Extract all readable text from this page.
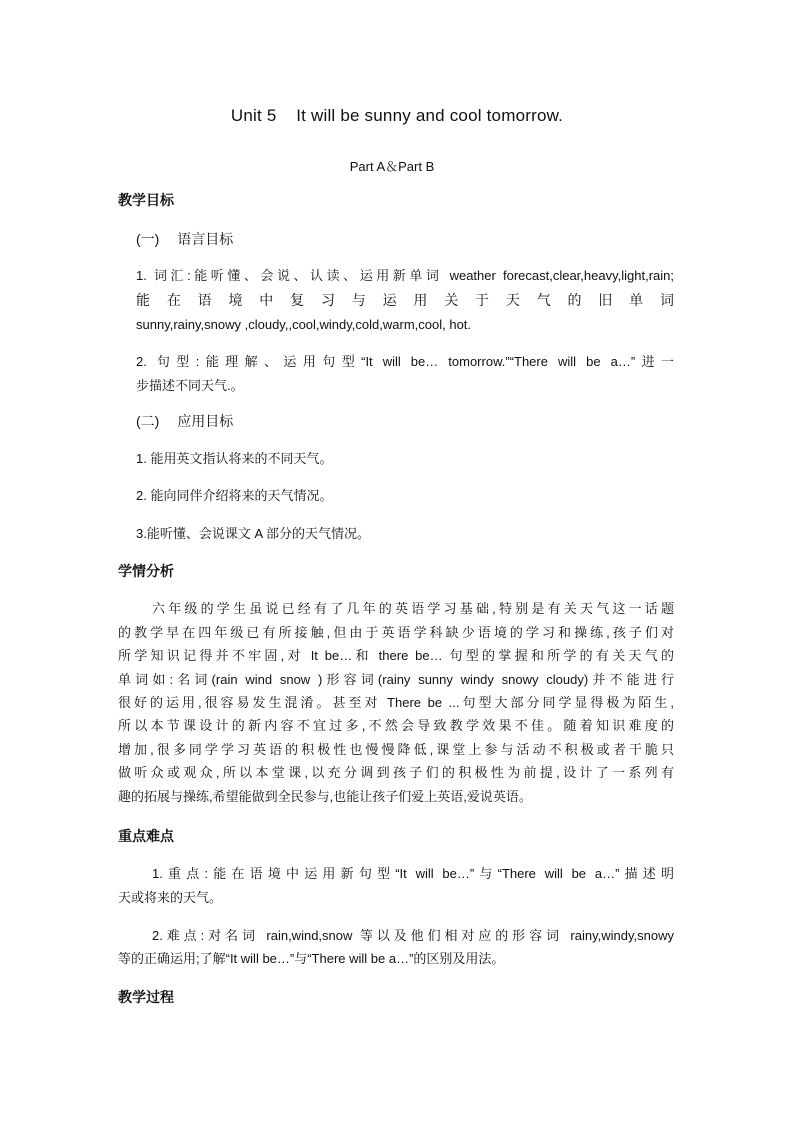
Unit 5    It will be sunny and cool tomorrow.
Part A＆Part B
教学目标
(一)　 语言目标
1. 词汇:能听懂、会说、认读、运用新单词 weather forecast,clear,heavy,light,rain;
能在语境中复习与运用关于天气的旧单词
sunny,rainy,snowy ,cloudy,,cool,windy,cold,warm,cool, hot.
2. 句型:能理解、运用句型“It will be… tomorrow.”“There will be a…”进一
步描述不同天气.。
(二)　 应用目标
1. 能用英文指认将来的不同天气。
2. 能向同伴介绍将来的天气情况。
3.能听懂、会说课文 A 部分的天气情况。
学情分析
六年级的学生虽说已经有了几年的英语学习基础,特别是有关天气这一话题
的教学早在四年级已有所接触,但由于英语学科缺少语境的学习和操练,孩子们对
所学知识记得并不牢固,对 It be…和 there be… 句型的掌握和所学的有关天气的
单词如:名词(rain wind snow )形容词(rainy sunny windy snowy cloudy)并不能进行
很好的运用,很容易发生混淆。甚至对 There be ...句型大部分同学显得极为陌生,
所以本节课设计的新内容不宜过多,不然会导致教学效果不佳。随着知识难度的
增加,很多同学学习英语的积极性也慢慢降低,课堂上参与活动不积极或者干脆只
做听众或观众,所以本堂课,以充分调到孩子们的积极性为前提,设计了一系列有
趣的拓展与操练,希望能做到全民参与,也能让孩子们爱上英语,爱说英语。
重点难点
1.重点:能在语境中运用新句型“It will be…”与“There will be a…”描述明
天或将来的天气。
2.难点:对名词 rain,wind,snow 等以及他们相对应的形容词 rainy,windy,snowy
等的正确运用;了解“It will be…”与“There will be a…”的区别及用法。
教学过程
